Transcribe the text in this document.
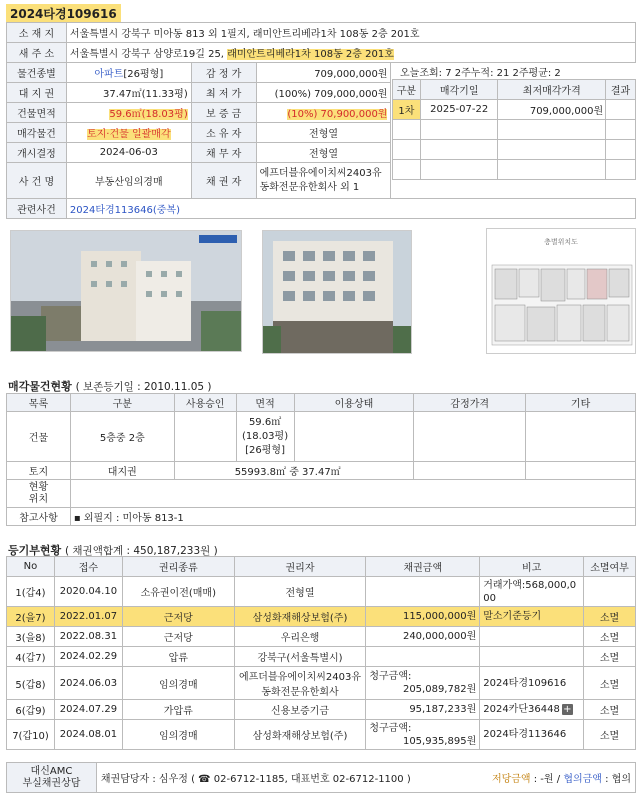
2024타경109616
소 재 지	서울특별시 강북구 미아동 813 외 1필지, 래미안트리베라1차 108동 2층 201호			
새 주 소	서울특별시 강북구 삼양로19길 25, 래미안트리베라1차 108동 2층 201호			
물건종별	아파트[26평형]	감 정 가	709,000,000원	
대 지 권	37.47㎡(11.33평)	최 저 가	(100%) 709,000,000원	
건물면적	59.6㎡(18.03평)	보 증 금	(10%) 70,900,000원	
매각물건	토지·건물 일괄매각	소 유 자	전형열	
개시결정	2024-06-03	채 무 자	전형열	
사 건 명	부동산임의경매	채 권 자	에프더블유에이치씨2403유동화전문유한회사 외 1	
관련사건	2024타경113646(중복)			
오늘조회: 7 2주누적: 21 2주평균: 2
구분	매각기일	최저매각가격	결과
1차	2025-07-22	709,000,000원	

층별위치도
매각물건현황 ( 보존등기일 : 2010.11.05 )
목록	구분	사용승인	면적	이용상태	감정가격	기타
건물	5층중 2층		59.6㎡
(18.03평)
[26평형]			

토지	대지권	55993.8㎡ 중 37.47㎡				
현황
위치						
참고사항	▪ 외필지 : 미아동 813-1					
등기부현황 ( 채권액합계 : 450,187,233원 )
No	접수	권리종류	권리자	채권금액	비고	소멸여부
1(갑4)	2020.04.10	소유권이전(매매)	전형열		거래가액:568,000,000	
2(을7)	2022.01.07	근저당	삼성화재해상보험(주)	115,000,000원	말소기준등기	소멸
3(을8)	2022.08.31	근저당	우리은행	240,000,000원		소멸
4(갑7)	2024.02.29	압류	강북구(서울특별시)			소멸
5(갑8)	2024.06.03	임의경매	에프더블유에이치씨2403유동화전문유한회사	청구금액:
205,089,782원	2024타경109616	소멸
6(갑9)	2024.07.29	가압류	신용보증기금	95,187,233원	2024카단36448 +	소멸
7(갑10)	2024.08.01	임의경매	삼성화재해상보험(주)	청구금액:
105,935,895원	2024타경113646	소멸
대신AMC
부실채권상담	채권담당자 : 심우정 ( ☎ 02-6712-1185, 대표번호 02-6712-1100 )	저당금액 : -원 / 협의금액 : 협의
